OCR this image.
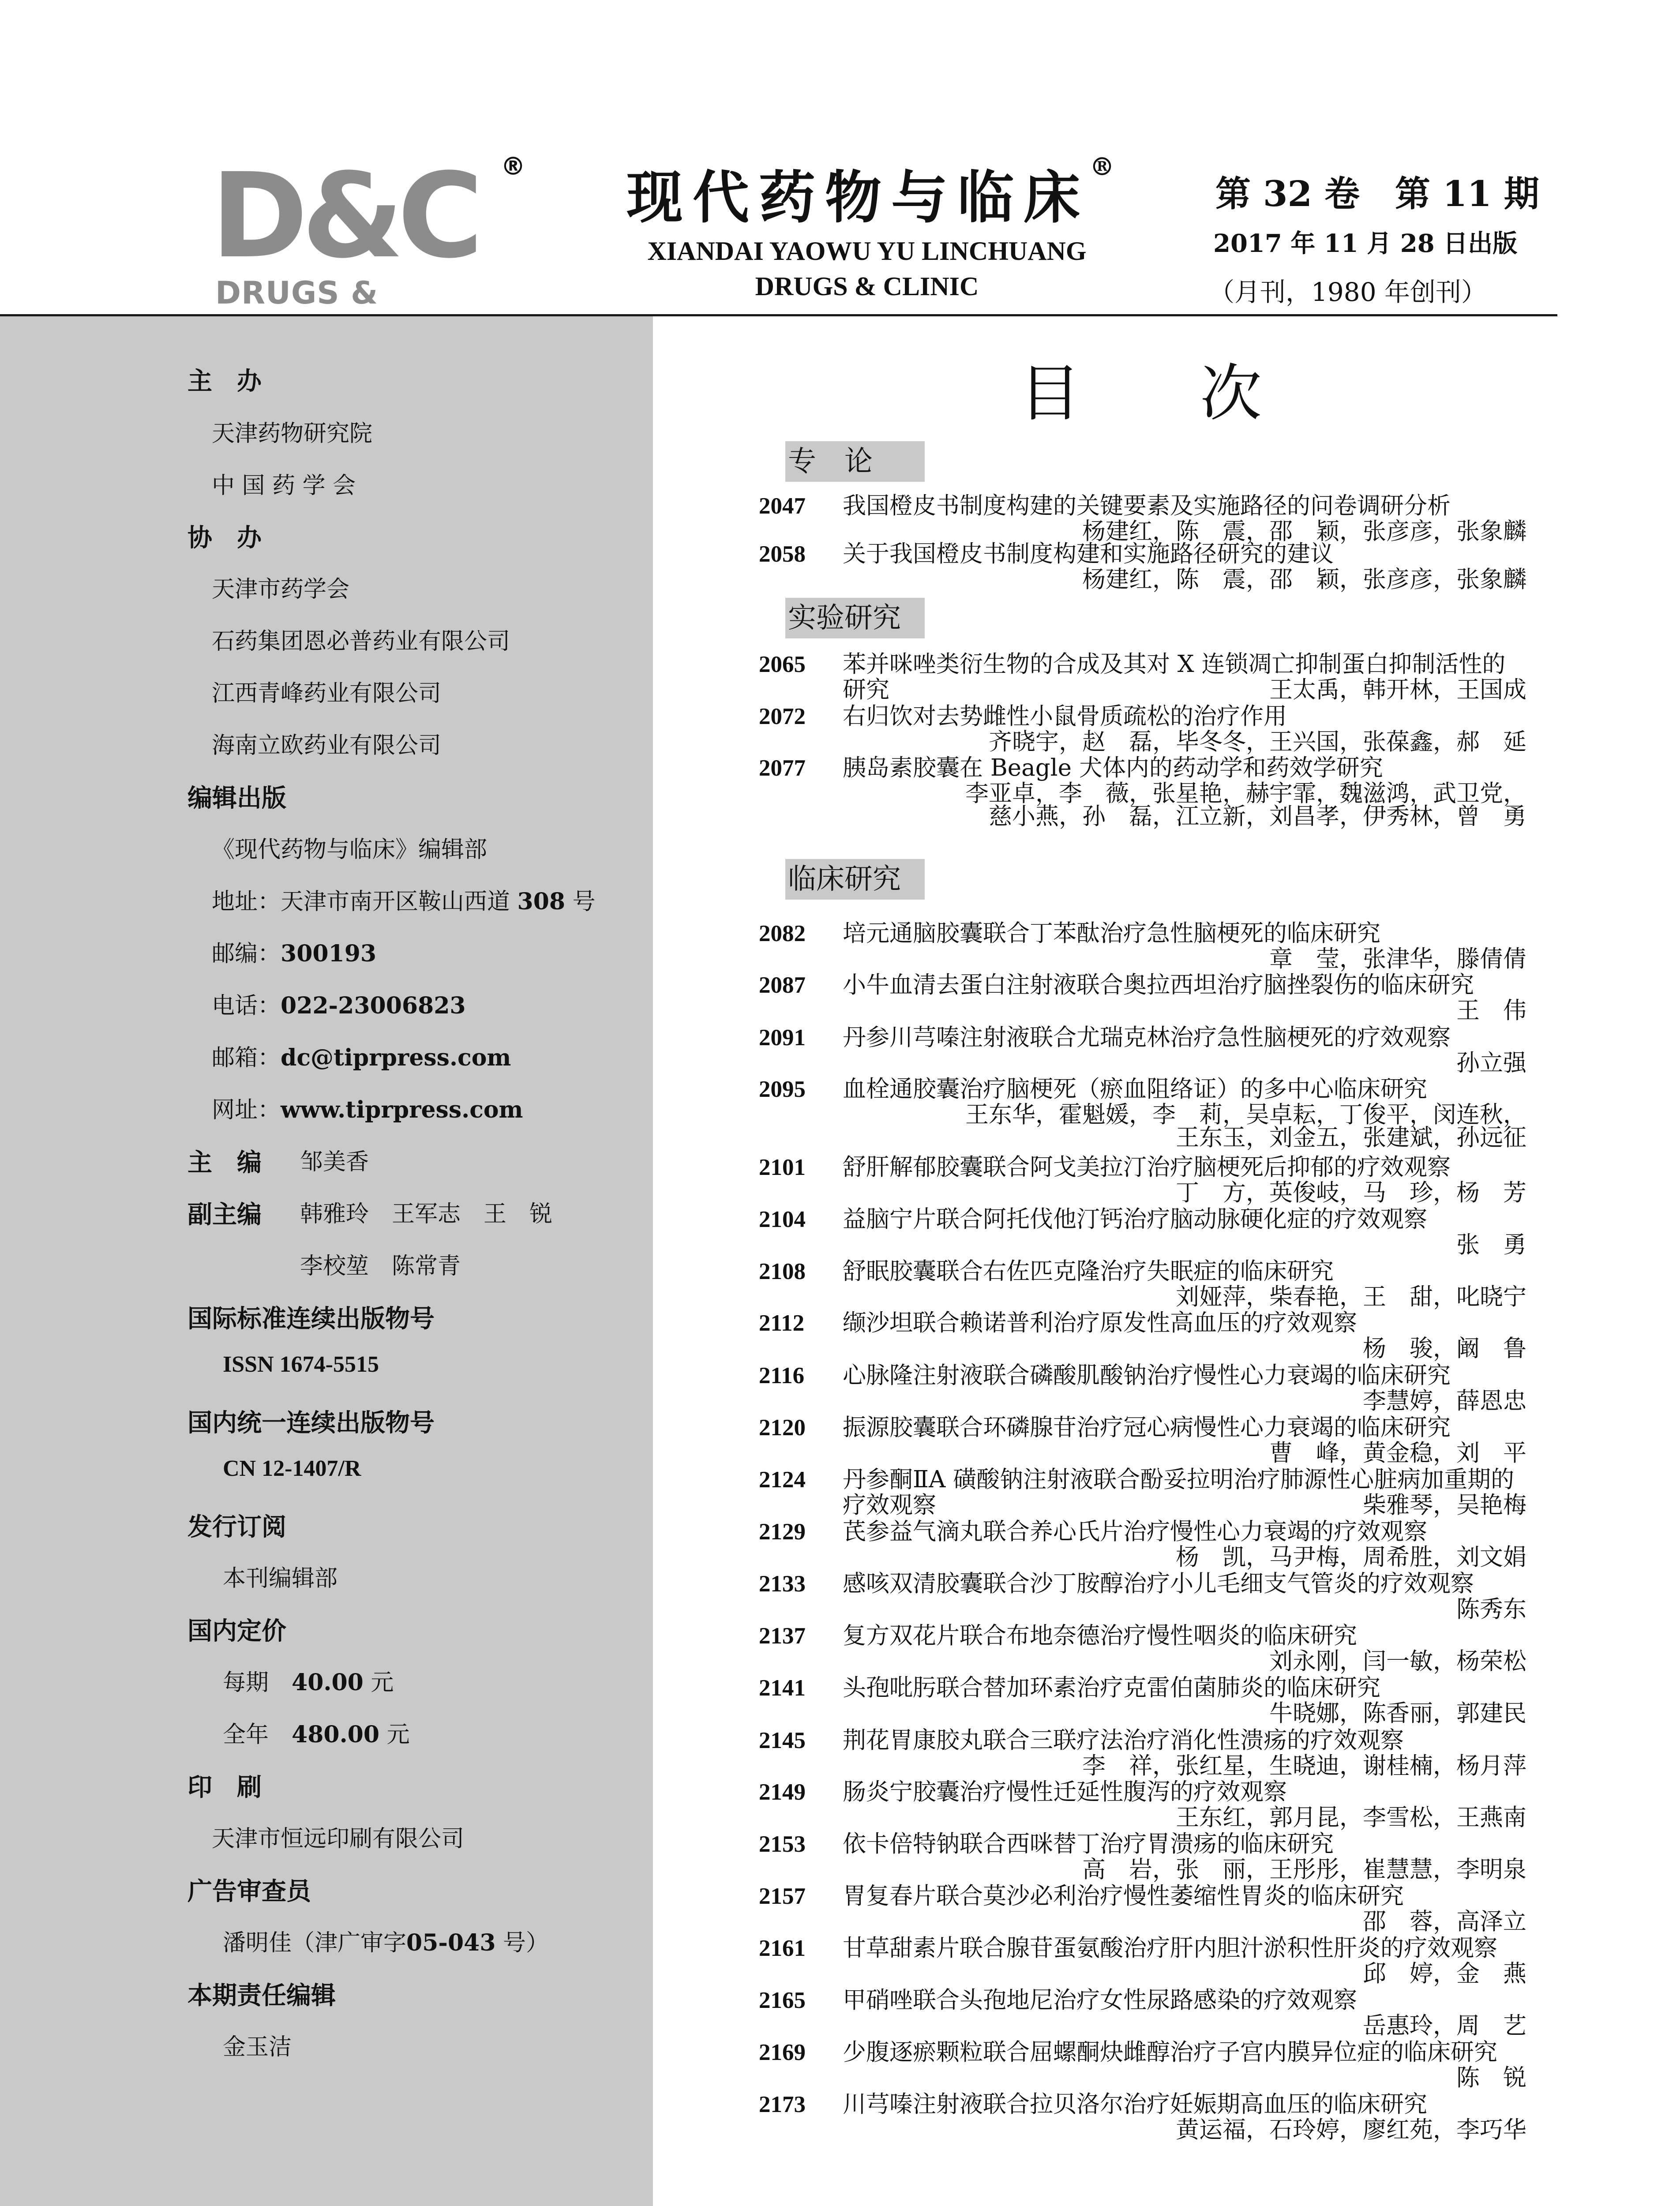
D&C
DRUGS &
® 现代药物与临床®
XIANDAI YAOWU YU LINCHUANG
DRUGS & CLINIC
第 32 卷　第 11 期
2017 年 11 月 28 日出版
（月刊，1980 年创刊）
主　办
天津药物研究院
中 国 药 学 会
协　办
天津市药学会
石药集团恩必普药业有限公司
江西青峰药业有限公司
海南立欧药业有限公司
编辑出版
《现代药物与临床》编辑部
地址：天津市南开区鞍山西道 308 号
邮编：300193
电话：022-23006823
邮箱：dc@tiprpress.com
网址：www.tiprpress.com
主　编 邹美香
副主编 韩雅玲　王军志　王　锐
李校堃　陈常青
国际标准连续出版物号
ISSN 1674-5515
国内统一连续出版物号
CN 12-1407/R
发行订阅
本刊编辑部
国内定价
每期　 40.00 元
全年　 480.00 元
印　刷
天津市恒远印刷有限公司
广告审查员
潘明佳（津广审字05-043 号）
本期责任编辑
金玉洁
目次
专　论
实验研究
临床研究
2047 我国橙皮书制度构建的关键要素及实施路径的问卷调研分析
杨建红，陈　震，邵　颖，张彦彦，张象麟
2058 关于我国橙皮书制度构建和实施路径研究的建议
杨建红，陈　震，邵　颖，张彦彦，张象麟
2065 苯并咪唑类衍生物的合成及其对 X 连锁凋亡抑制蛋白抑制活性的研究	王太禹，韩开林，王国成
2072 右归饮对去势雌性小鼠骨质疏松的治疗作用
齐晓宇，赵　磊，毕冬冬，王兴国，张葆鑫，郝　延
2077 胰岛素胶囊在 Beagle 犬体内的药动学和药效学研究
李亚卓，李　薇，张星艳，赫宇霏，魏滋鸿，武卫党，
慈小燕，孙　磊，江立新，刘昌孝，伊秀林，曾　勇
2082 培元通脑胶囊联合丁苯酞治疗急性脑梗死的临床研究
章　莹，张津华，滕倩倩
2087 小牛血清去蛋白注射液联合奥拉西坦治疗脑挫裂伤的临床研究
王　伟
2091 丹参川芎嗪注射液联合尤瑞克林治疗急性脑梗死的疗效观察
孙立强
2095 血栓通胶囊治疗脑梗死（瘀血阻络证）的多中心临床研究
王东华，霍魁媛，李　莉，吴卓耘，丁俊平，闵连秋，
王东玉，刘金五，张建斌，孙远征
2101 舒肝解郁胶囊联合阿戈美拉汀治疗脑梗死后抑郁的疗效观察
丁　方，英俊岐，马　珍，杨　芳
2104 益脑宁片联合阿托伐他汀钙治疗脑动脉硬化症的疗效观察
张　勇
2108 舒眠胶囊联合右佐匹克隆治疗失眠症的临床研究
刘娅萍，柴春艳，王　甜，叱晓宁
2112 缬沙坦联合赖诺普利治疗原发性高血压的疗效观察
杨　骏，阚　鲁
2116 心脉隆注射液联合磷酸肌酸钠治疗慢性心力衰竭的临床研究
李慧婷，薛恩忠
2120 振源胶囊联合环磷腺苷治疗冠心病慢性心力衰竭的临床研究
曹　峰，黄金稳，刘　平
2124 丹参酮ⅡA 磺酸钠注射液联合酚妥拉明治疗肺源性心脏病加重期的疗效观察	柴雅琴，吴艳梅
2129 芪参益气滴丸联合养心氏片治疗慢性心力衰竭的疗效观察
杨　凯，马尹梅，周希胜，刘文娟
2133 感咳双清胶囊联合沙丁胺醇治疗小儿毛细支气管炎的疗效观察
陈秀东
2137 复方双花片联合布地奈德治疗慢性咽炎的临床研究
刘永刚，闫一敏，杨荣松
2141 头孢吡肟联合替加环素治疗克雷伯菌肺炎的临床研究
牛晓娜，陈香丽，郭建民
2145 荆花胃康胶丸联合三联疗法治疗消化性溃疡的疗效观察
李　祥，张红星，生晓迪，谢桂楠，杨月萍
2149 肠炎宁胶囊治疗慢性迁延性腹泻的疗效观察
王东红，郭月昆，李雪松，王燕南
2153 依卡倍特钠联合西咪替丁治疗胃溃疡的临床研究
高　岩，张　丽，王彤彤，崔慧慧，李明泉
2157 胃复春片联合莫沙必利治疗慢性萎缩性胃炎的临床研究
邵　蓉，高泽立
2161 甘草甜素片联合腺苷蛋氨酸治疗肝内胆汁淤积性肝炎的疗效观察
邱　婷，金　燕
2165 甲硝唑联合头孢地尼治疗女性尿路感染的疗效观察
岳惠玲，周　艺
2169 少腹逐瘀颗粒联合屈螺酮炔雌醇治疗子宫内膜异位症的临床研究
陈　锐
2173 川芎嗪注射液联合拉贝洛尔治疗妊娠期高血压的临床研究
黄运福，石玲婷，廖红苑，李巧华
